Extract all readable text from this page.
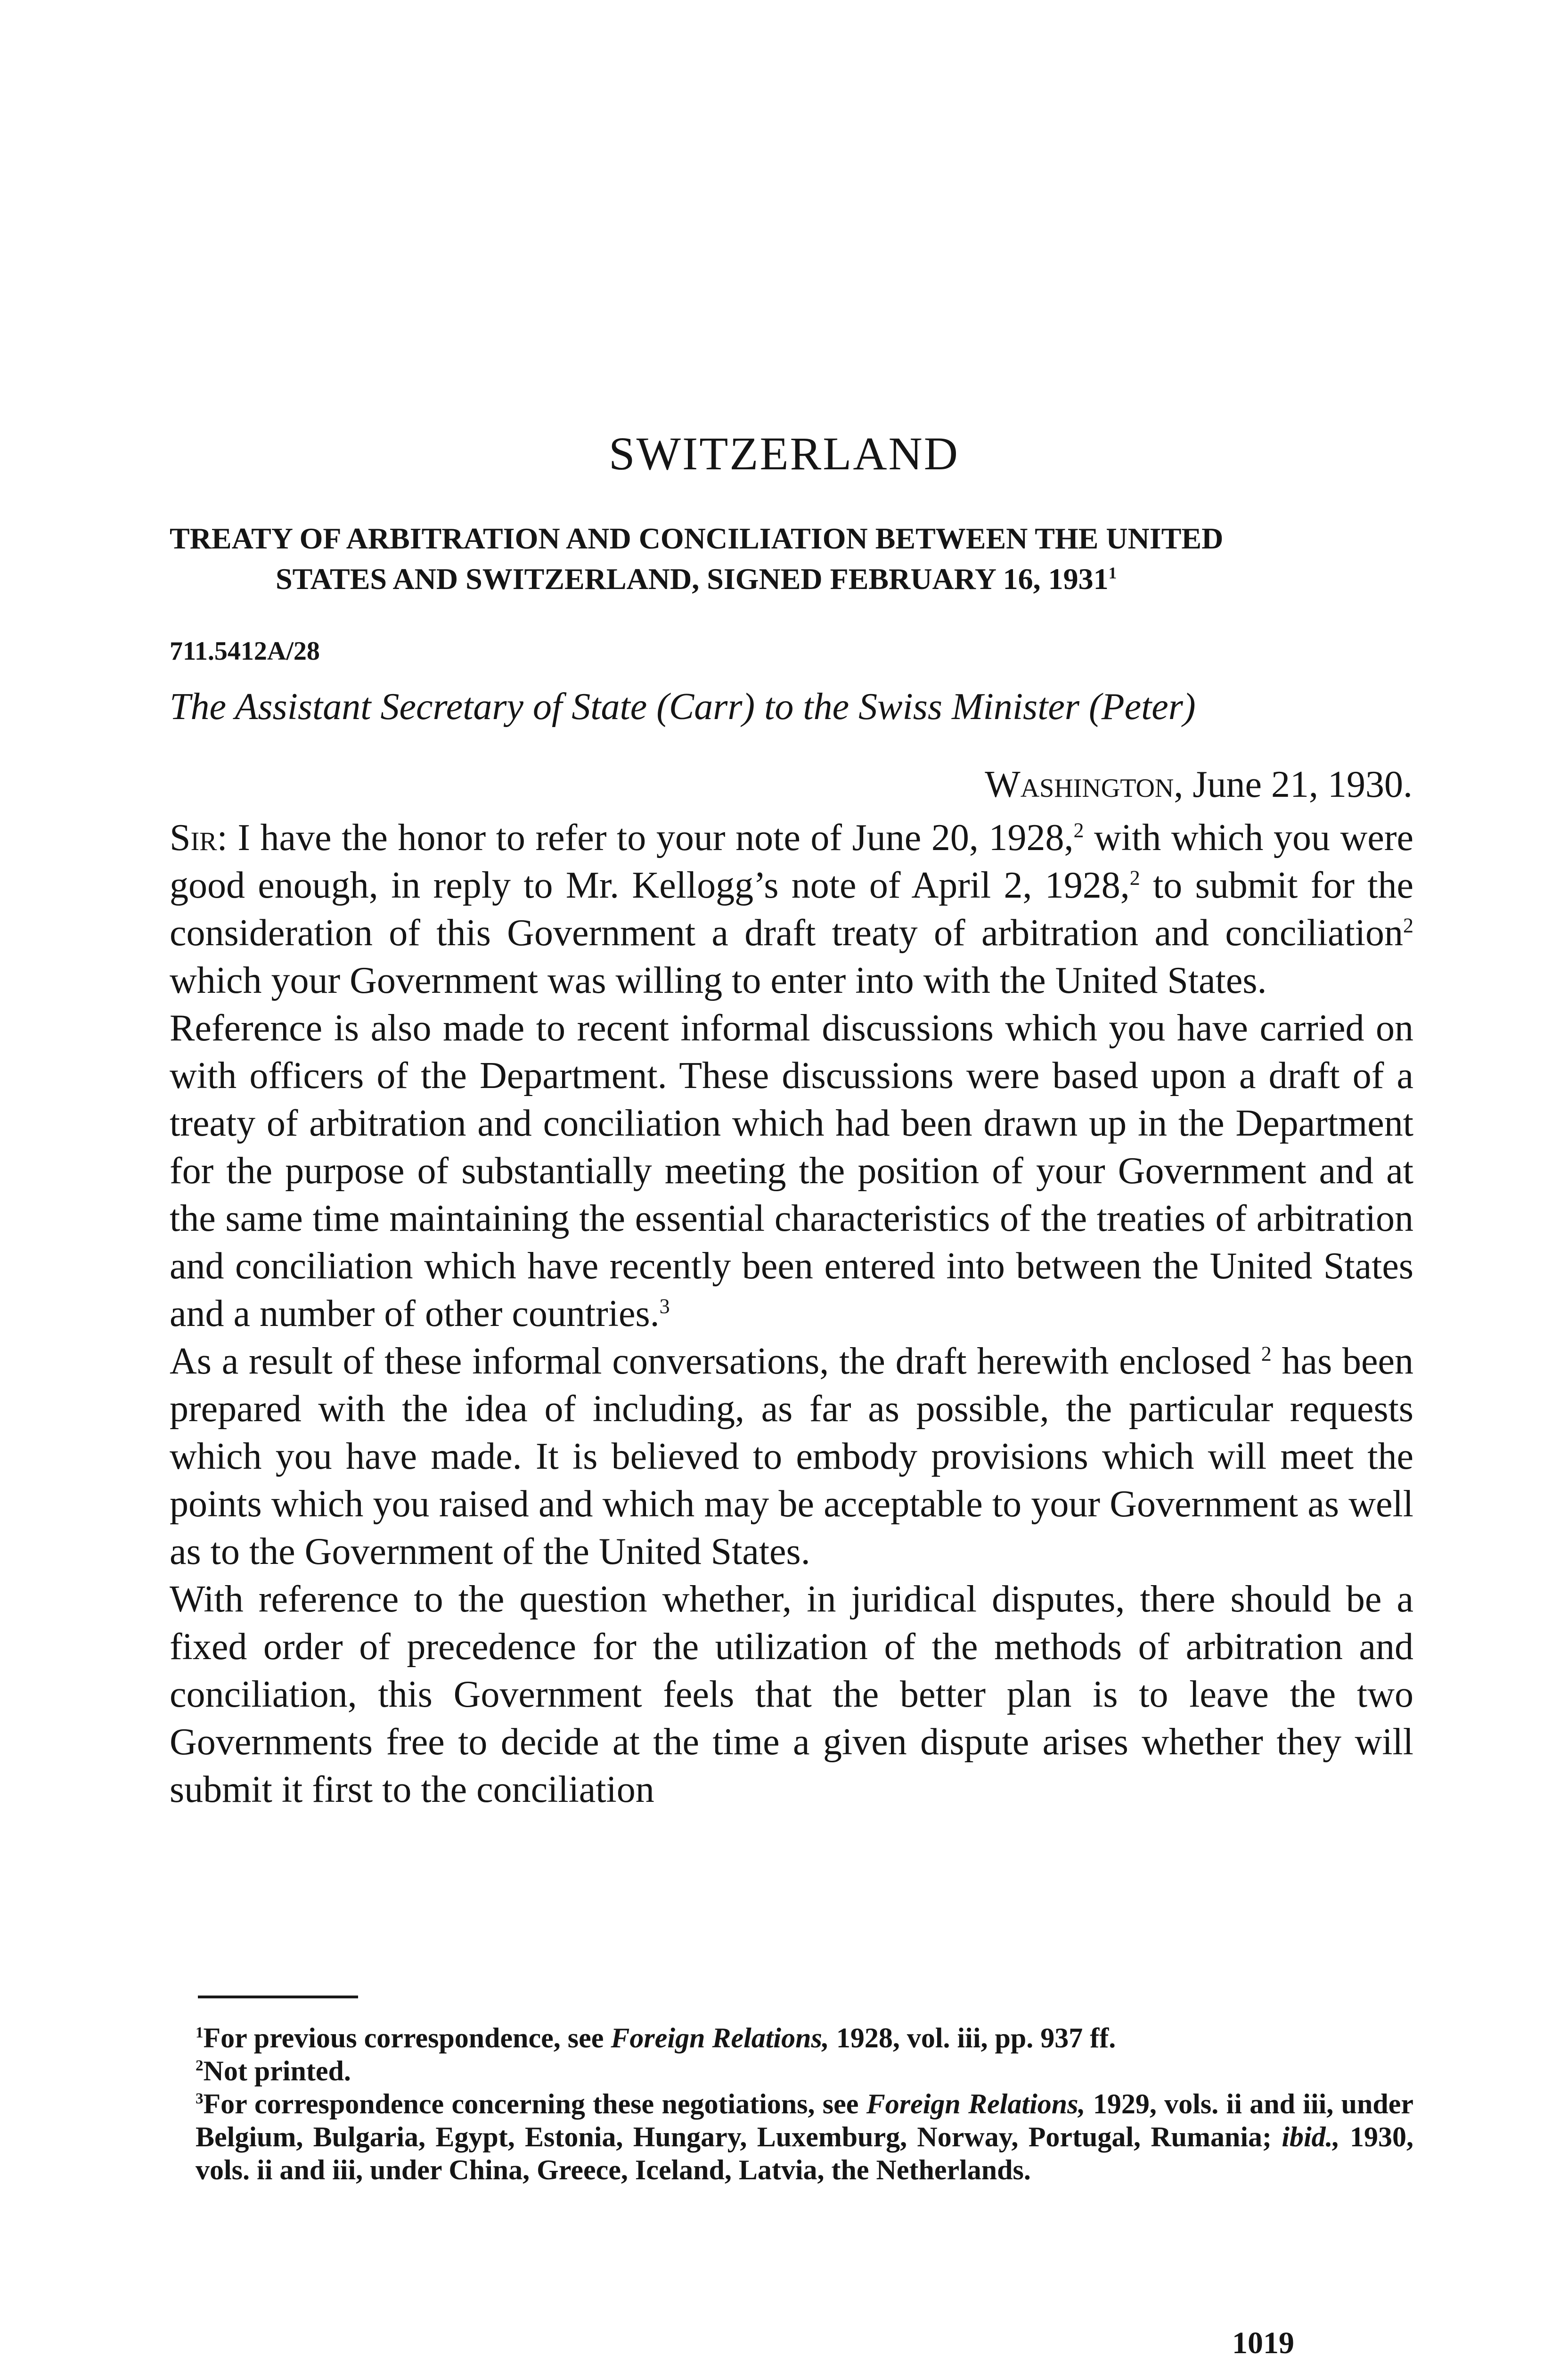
SWITZERLAND
TREATY OF ARBITRATION AND CONCILIATION BETWEEN THE UNITED
STATES AND SWITZERLAND, SIGNED FEBRUARY 16, 1931$^1$
711.5412A/28
The Assistant Secretary of State (Carr) to the Swiss Minister (Peter)
Washington, June 21, 1930.

Sir: I have the honor to refer to your note of June 20, 1928,$^2$ with which you were good enough, in reply to Mr. Kellogg’s note of April 2, 1928,$^2$ to submit for the consideration of this Government a draft treaty of arbitration and conciliation$^2$ which your Government was willing to enter into with the United States.

Reference is also made to recent informal discussions which you have carried on with officers of the Department. These discussions were based upon a draft of a treaty of arbitration and conciliation which had been drawn up in the Department for the purpose of substantially meeting the position of your Government and at the same time maintaining the essential characteristics of the treaties of arbitration and conciliation which have recently been entered into between the United States and a number of other countries.$^3$

As a result of these informal conversations, the draft herewith enclosed $^2$ has been prepared with the idea of including, as far as possible, the particular requests which you have made. It is believed to embody provisions which will meet the points which you raised and which may be acceptable to your Government as well as to the Government of the United States.

With reference to the question whether, in juridical disputes, there should be a fixed order of precedence for the utilization of the methods of arbitration and conciliation, this Government feels that the better plan is to leave the two Governments free to decide at the time a given dispute arises whether they will submit it first to the conciliation

$^1$For previous correspondence, see Foreign Relations, 1928, vol. iii, pp. 937 ff.

$^2$Not printed.

$^3$For correspondence concerning these negotiations, see Foreign Relations, 1929, vols. ii and iii, under Belgium, Bulgaria, Egypt, Estonia, Hungary, Luxemburg, Norway, Portugal, Rumania; ibid., 1930, vols. ii and iii, under China, Greece, Iceland, Latvia, the Netherlands.

1019
